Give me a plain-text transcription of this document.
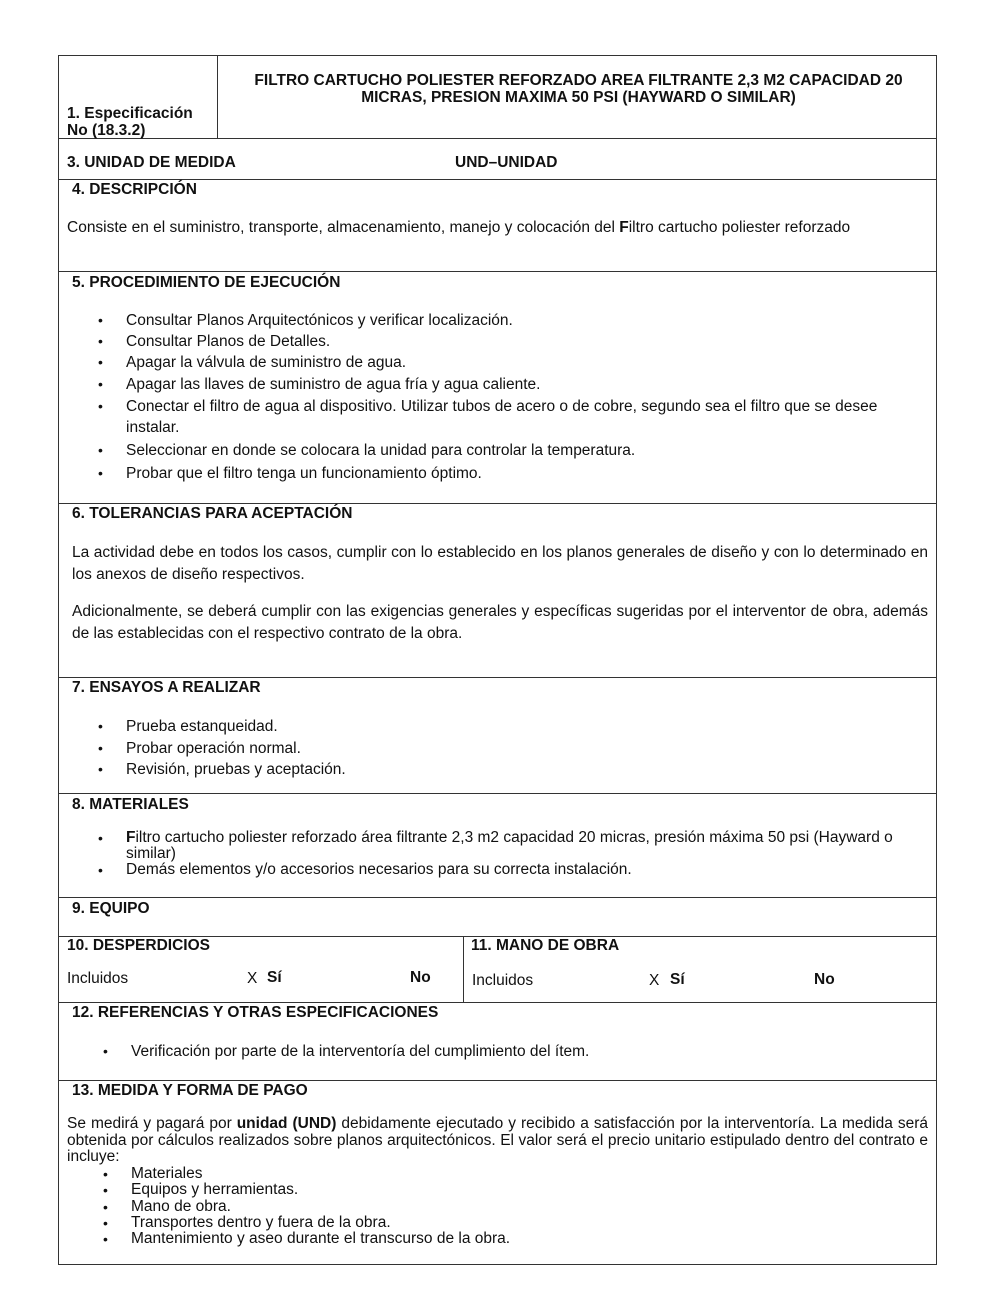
1. Especificación
No (18.3.2)
FILTRO CARTUCHO POLIESTER REFORZADO AREA FILTRANTE 2,3 M2 CAPACIDAD 20
MICRAS, PRESION MAXIMA 50 PSI (HAYWARD O SIMILAR)
3. UNIDAD DE MEDIDA	UND–UNIDAD
4. DESCRIPCIÓN
Consiste en el suministro, transporte, almacenamiento, manejo y colocación del Filtro cartucho poliester reforzado
5. PROCEDIMIENTO DE EJECUCIÓN
• Consultar Planos Arquitectónicos y verificar localización.
• Consultar Planos de Detalles.
• Apagar la válvula de suministro de agua.
• Apagar las llaves de suministro de agua fría y agua caliente.
• Conectar el filtro de agua al dispositivo. Utilizar tubos de acero o de cobre, segundo sea el filtro que se desee instalar.
• Seleccionar en donde se colocara la unidad para controlar la temperatura.
• Probar que el filtro tenga un funcionamiento óptimo.
6. TOLERANCIAS PARA ACEPTACIÓN
La actividad debe en todos los casos, cumplir con lo establecido en los planos generales de diseño y con lo determinado en los anexos de diseño respectivos.
Adicionalmente, se deberá cumplir con las exigencias generales y específicas sugeridas por el interventor de obra, además de las establecidas con el respectivo contrato de la obra.
7. ENSAYOS A REALIZAR
• Prueba estanqueidad.
• Probar operación normal.
• Revisión, pruebas y aceptación.
8. MATERIALES
• Filtro cartucho poliester reforzado área filtrante 2,3 m2 capacidad 20 micras, presión máxima 50 psi (Hayward o similar)
• Demás elementos y/o accesorios necesarios para su correcta instalación.
9. EQUIPO
10. DESPERDICIOS
Incluidos	X Sí	No
11. MANO DE OBRA
Incluidos	X Sí	No
12. REFERENCIAS Y OTRAS ESPECIFICACIONES
• Verificación por parte de la interventoría del cumplimiento del ítem.
13. MEDIDA Y FORMA DE PAGO
Se medirá y pagará por unidad (UND) debidamente ejecutado y recibido a satisfacción por la interventoría. La medida será obtenida por cálculos realizados sobre planos arquitectónicos. El valor será el precio unitario estipulado dentro del contrato e incluye:
• Materiales
• Equipos y herramientas.
• Mano de obra.
• Transportes dentro y fuera de la obra.
• Mantenimiento y aseo durante el transcurso de la obra.
